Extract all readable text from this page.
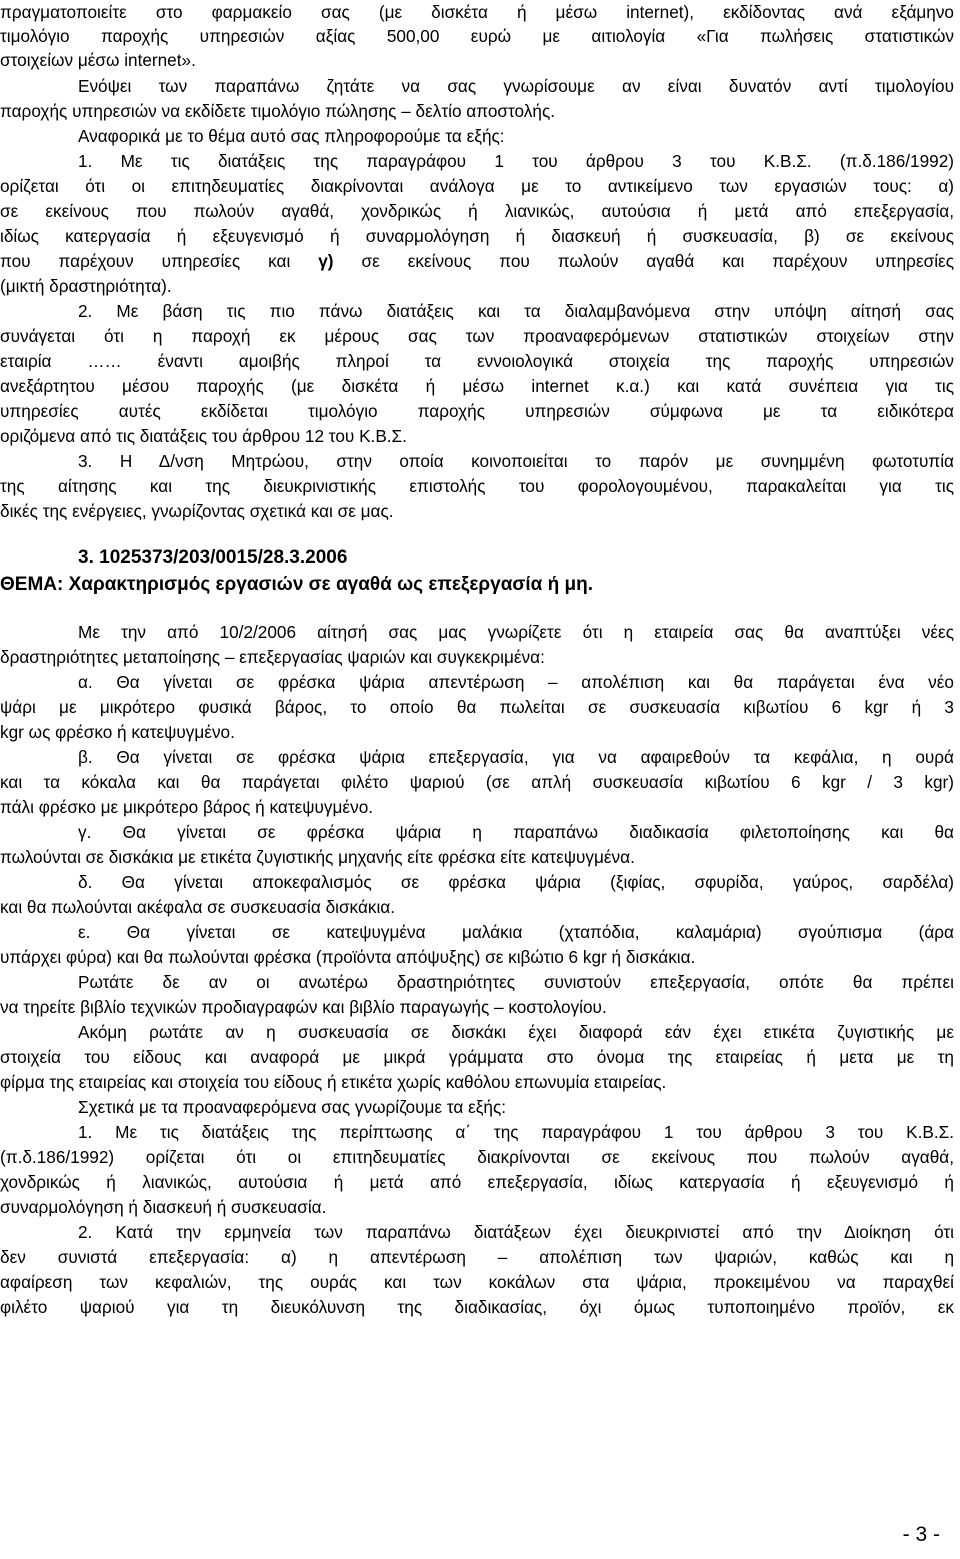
πραγματοποιείτε στο φαρμακείο σας (με δισκέτα ή μέσω internet), εκδίδοντας ανά εξάμηνο

τιμολόγιο παροχής υπηρεσιών αξίας 500,00 ευρώ με αιτιολογία «Για πωλήσεις στατιστικών

στοιχείων μέσω internet».

Ενόψει των παραπάνω ζητάτε να σας γνωρίσουμε αν είναι δυνατόν αντί τιμολογίου

παροχής υπηρεσιών να εκδίδετε τιμολόγιο πώλησης – δελτίο αποστολής.

Αναφορικά με το θέμα αυτό σας πληροφορούμε τα εξής:

1. Με τις διατάξεις της παραγράφου 1 του άρθρου 3 του Κ.Β.Σ. (π.δ.186/1992)

ορίζεται ότι οι επιτηδευματίες διακρίνονται ανάλογα με το αντικείμενο των εργασιών τους: α)

σε εκείνους που πωλούν αγαθά, χονδρικώς ή λιανικώς, αυτούσια ή μετά από επεξεργασία,

ιδίως κατεργασία ή εξευγενισμό ή συναρμολόγηση ή διασκευή ή συσκευασία, β) σε εκείνους

που παρέχουν υπηρεσίες και γ) σε εκείνους που πωλούν αγαθά και παρέχουν υπηρεσίες

(μικτή δραστηριότητα).

2. Με βάση τις πιο πάνω διατάξεις και τα διαλαμβανόμενα στην υπόψη αίτησή σας

συνάγεται ότι η παροχή εκ μέρους σας των προαναφερόμενων στατιστικών στοιχείων στην

εταιρία …… έναντι αμοιβής πληροί τα εννοιολογικά στοιχεία της παροχής υπηρεσιών

ανεξάρτητου μέσου παροχής (με δισκέτα ή μέσω internet κ.α.) και κατά συνέπεια για τις

υπηρεσίες αυτές εκδίδεται τιμολόγιο παροχής υπηρεσιών σύμφωνα με τα ειδικότερα

οριζόμενα από τις διατάξεις του άρθρου 12 του Κ.Β.Σ.

3. Η Δ/νση Μητρώου, στην οποία κοινοποιείται το παρόν με συνημμένη φωτοτυπία

της αίτησης και της διευκρινιστικής επιστολής του φορολογουμένου, παρακαλείται για τις

δικές της ενέργειες, γνωρίζοντας σχετικά και σε μας.

3. 1025373/203/0015/28.3.2006

ΘΕΜΑ: Χαρακτηρισμός εργασιών σε αγαθά ως επεξεργασία ή μη.

Με την από 10/2/2006 αίτησή σας μας γνωρίζετε ότι η εταιρεία σας θα αναπτύξει νέες

δραστηριότητες μεταποίησης – επεξεργασίας ψαριών και συγκεκριμένα:

α. Θα γίνεται σε φρέσκα ψάρια απεντέρωση – απολέπιση και θα παράγεται ένα νέο

ψάρι με μικρότερο φυσικά βάρος, το οποίο θα πωλείται σε συσκευασία κιβωτίου 6 kgr ή 3

kgr ως φρέσκο ή κατεψυγμένο.

β. Θα γίνεται σε φρέσκα ψάρια επεξεργασία, για να αφαιρεθούν τα κεφάλια, η ουρά

και τα κόκαλα και θα παράγεται φιλέτο ψαριού (σε απλή συσκευασία κιβωτίου 6 kgr / 3 kgr)

πάλι φρέσκο με μικρότερο βάρος ή κατεψυγμένο.

γ. Θα γίνεται σε φρέσκα ψάρια η παραπάνω διαδικασία φιλετοποίησης και θα

πωλούνται σε δισκάκια με ετικέτα ζυγιστικής μηχανής είτε φρέσκα είτε κατεψυγμένα.

δ. Θα γίνεται αποκεφαλισμός σε φρέσκα ψάρια (ξιφίας, σφυρίδα, γαύρος, σαρδέλα)

και θα πωλούνται ακέφαλα σε συσκευασία δισκάκια.

ε. Θα γίνεται σε κατεψυγμένα μαλάκια (χταπόδια, καλαμάρια) σγούπισμα (άρα

υπάρχει φύρα) και θα πωλούνται φρέσκα (προϊόντα απόψυξης) σε κιβώτιο 6 kgr ή δισκάκια.

Ρωτάτε δε αν οι ανωτέρω δραστηριότητες συνιστούν επεξεργασία, οπότε θα πρέπει

να τηρείτε βιβλίο τεχνικών προδιαγραφών και βιβλίο παραγωγής – κοστολογίου.

Ακόμη ρωτάτε αν η συσκευασία σε δισκάκι έχει διαφορά εάν έχει ετικέτα ζυγιστικής με

στοιχεία του είδους και αναφορά με μικρά γράμματα στο όνομα της εταιρείας ή μετα με τη

φίρμα της εταιρείας και στοιχεία του είδους ή ετικέτα χωρίς καθόλου επωνυμία εταιρείας.

Σχετικά με τα προαναφερόμενα σας γνωρίζουμε τα εξής:

1. Με τις διατάξεις της περίπτωσης α΄ της παραγράφου 1 του άρθρου 3 του Κ.Β.Σ.

(π.δ.186/1992) ορίζεται ότι οι επιτηδευματίες διακρίνονται σε εκείνους που πωλούν αγαθά,

χονδρικώς ή λιανικώς, αυτούσια ή μετά από επεξεργασία, ιδίως κατεργασία ή εξευγενισμό ή

συναρμολόγηση ή διασκευή ή συσκευασία.

2. Κατά την ερμηνεία των παραπάνω διατάξεων έχει διευκρινιστεί από την Διοίκηση ότι

δεν συνιστά επεξεργασία: α) η απεντέρωση – απολέπιση των ψαριών, καθώς και η

αφαίρεση των κεφαλιών, της ουράς και των κοκάλων στα ψάρια, προκειμένου να παραχθεί

φιλέτο ψαριού για τη διευκόλυνση της διαδικασίας, όχι όμως τυποποιημένο προϊόν, εκ

- 3 -
